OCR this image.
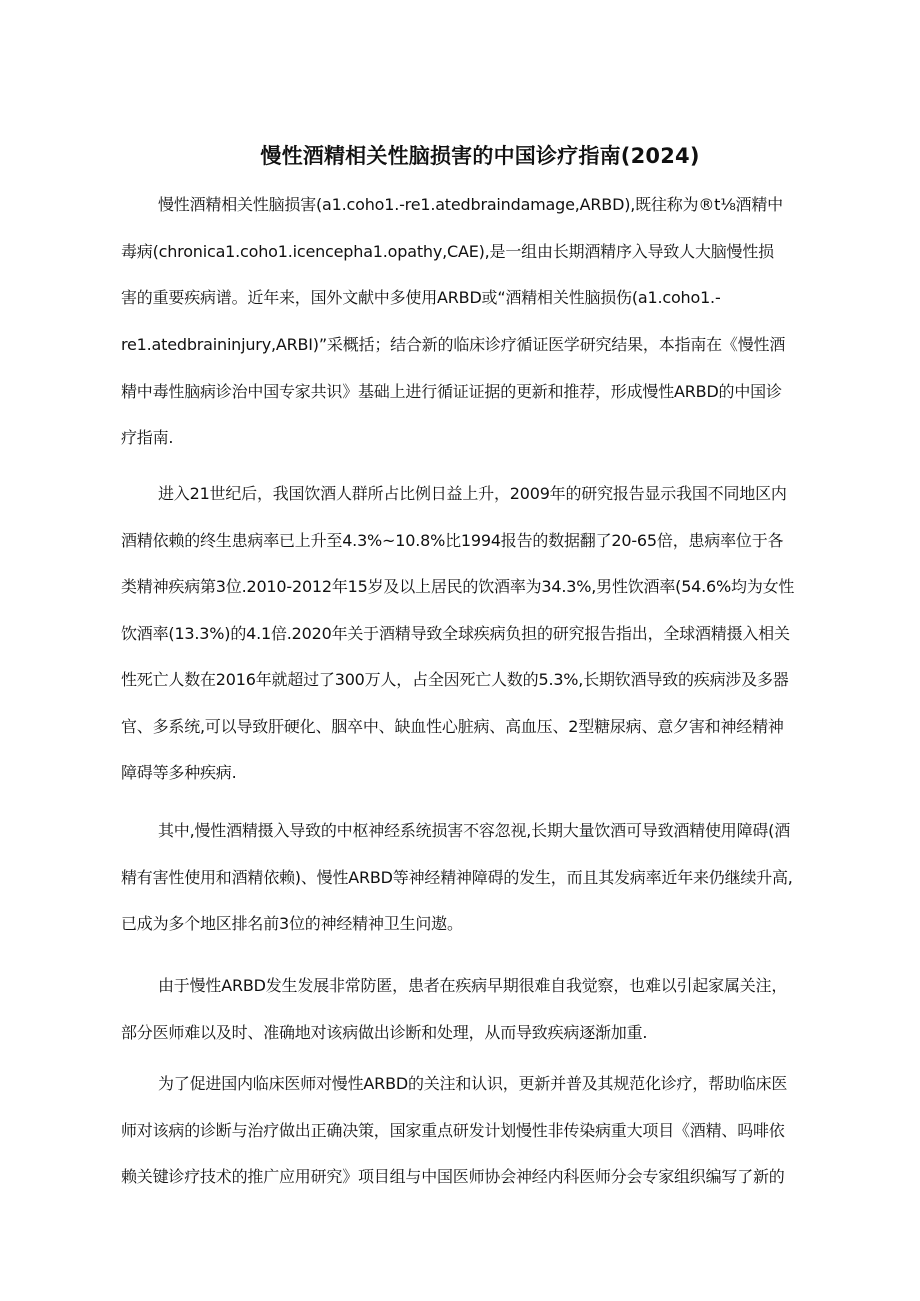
慢性酒精相关性脑损害的中国诊疗指南(2024)
慢性酒精相关性脑损害(a1.coho1.-re1.atedbraindamage,ARBD),既往称为®t⅛酒精中
毒病(chronica1.coho1.icencepha1.opathy,CAE),是一组由长期酒精序入导致人大脑慢性损
害的重要疾病谱。近年来，国外文献中多使用ARBD或“酒精相关性脑损伤(a1.coho1.-
re1.atedbraininjury,ARBI)”采概括；结合新的临床诊疗循证医学研究结果，本指南在《慢性酒
精中毒性脑病诊治中国专家共识》基础上进行循证证据的更新和推荐，形成慢性ARBD的中国诊
疗指南.
进入21世纪后，我国饮酒人群所占比例日益上升，2009年的研究报告显示我国不同地区内
酒精依赖的终生患病率已上升至4.3%~10.8%比1994报告的数据翻了20-65倍，患病率位于各
类精神疾病第3位.2010-2012年15岁及以上居民的饮酒率为34.3%,男性饮酒率(54.6%均为女性
饮酒率(13.3%)的4.1倍.2020年关于酒精导致全球疾病负担的研究报告指出，全球酒精摄入相关
性死亡人数在2016年就超过了300万人，占全因死亡人数的5.3%,长期钦酒导致的疾病涉及多器
官、多系统,可以导致肝硬化、胭卒中、缺血性心脏病、高血压、2型糖尿病、意夕害和神经精神
障碍等多种疾病.
其中,慢性酒精摄入导致的中枢神经系统损害不容忽视,长期大量饮酒可导致酒精使用障碍(酒
精有害性使用和酒精依赖)、慢性ARBD等神经精神障碍的发生，而且其发病率近年来仍继续升高,
已成为多个地区排名前3位的神经精神卫生问遨。
由于慢性ARBD发生发展非常防匿，患者在疾病早期很难自我觉察，也难以引起家属关注，
部分医师难以及时、准确地对该病做出诊断和处理，从而导致疾病逐渐加重.
为了促进国内临床医师对慢性ARBD的关注和认识，更新并普及其规范化诊疗，帮助临床医
师对该病的诊断与治疗做出正确决策，国家重点研发计划慢性非传染病重大项目《酒精、吗啡依
赖关键诊疗技术的推广应用研究》项目组与中国医师协会神经内科医师分会专家组织编写了新的
